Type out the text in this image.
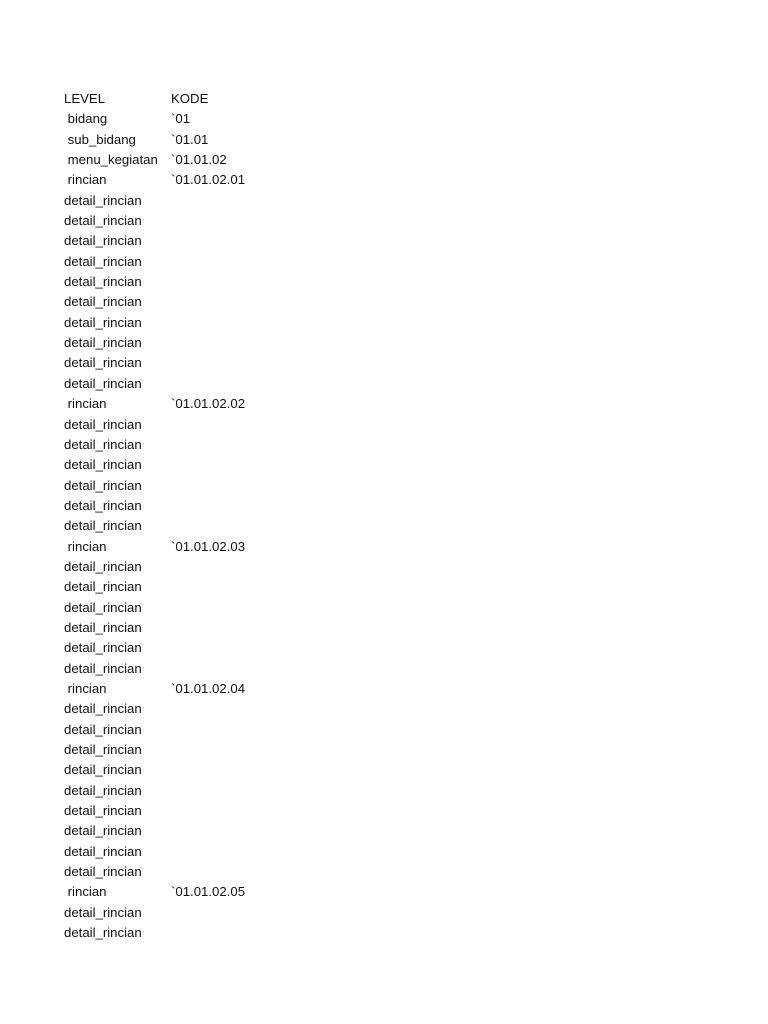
LEVEL	KODE
bidang	`01
sub_bidang	`01.01
menu_kegiatan `01.01.02
rincian	`01.01.02.01
detail_rincian
detail_rincian
detail_rincian
detail_rincian
detail_rincian
detail_rincian
detail_rincian
detail_rincian
detail_rincian
detail_rincian
rincian	`01.01.02.02
detail_rincian
detail_rincian
detail_rincian
detail_rincian
detail_rincian
detail_rincian
rincian	`01.01.02.03
detail_rincian
detail_rincian
detail_rincian
detail_rincian
detail_rincian
detail_rincian
rincian	`01.01.02.04
detail_rincian
detail_rincian
detail_rincian
detail_rincian
detail_rincian
detail_rincian
detail_rincian
detail_rincian
detail_rincian
rincian	`01.01.02.05
detail_rincian
detail_rincian
